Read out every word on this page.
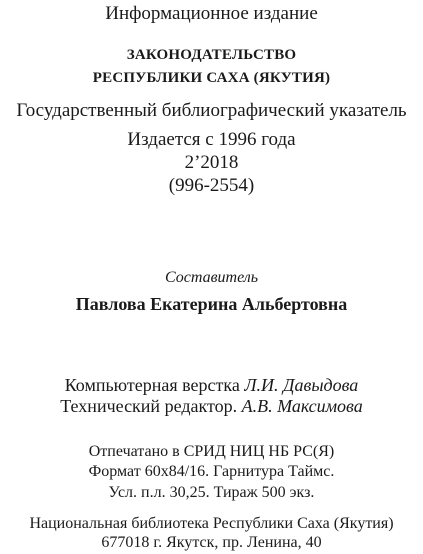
Информационное издание
ЗАКОНОДАТЕЛЬСТВО
РЕСПУБЛИКИ САХА (ЯКУТИЯ)
Государственный библиографический указатель
Издается с 1996 года
2’2018
(996-2554)
Составитель
Павлова Екатерина Альбертовна
Компьютерная верстка Л.И. Давыдова
Технический редактор. А.В. Максимова
Отпечатано в СРИД НИЦ НБ РС(Я)
Формат 60x84/16. Гарнитура Таймс.
Усл. п.л. 30,25. Тираж 500 экз.
Национальная библиотека Республики Саха (Якутия)
677018 г. Якутск, пр. Ленина, 40
